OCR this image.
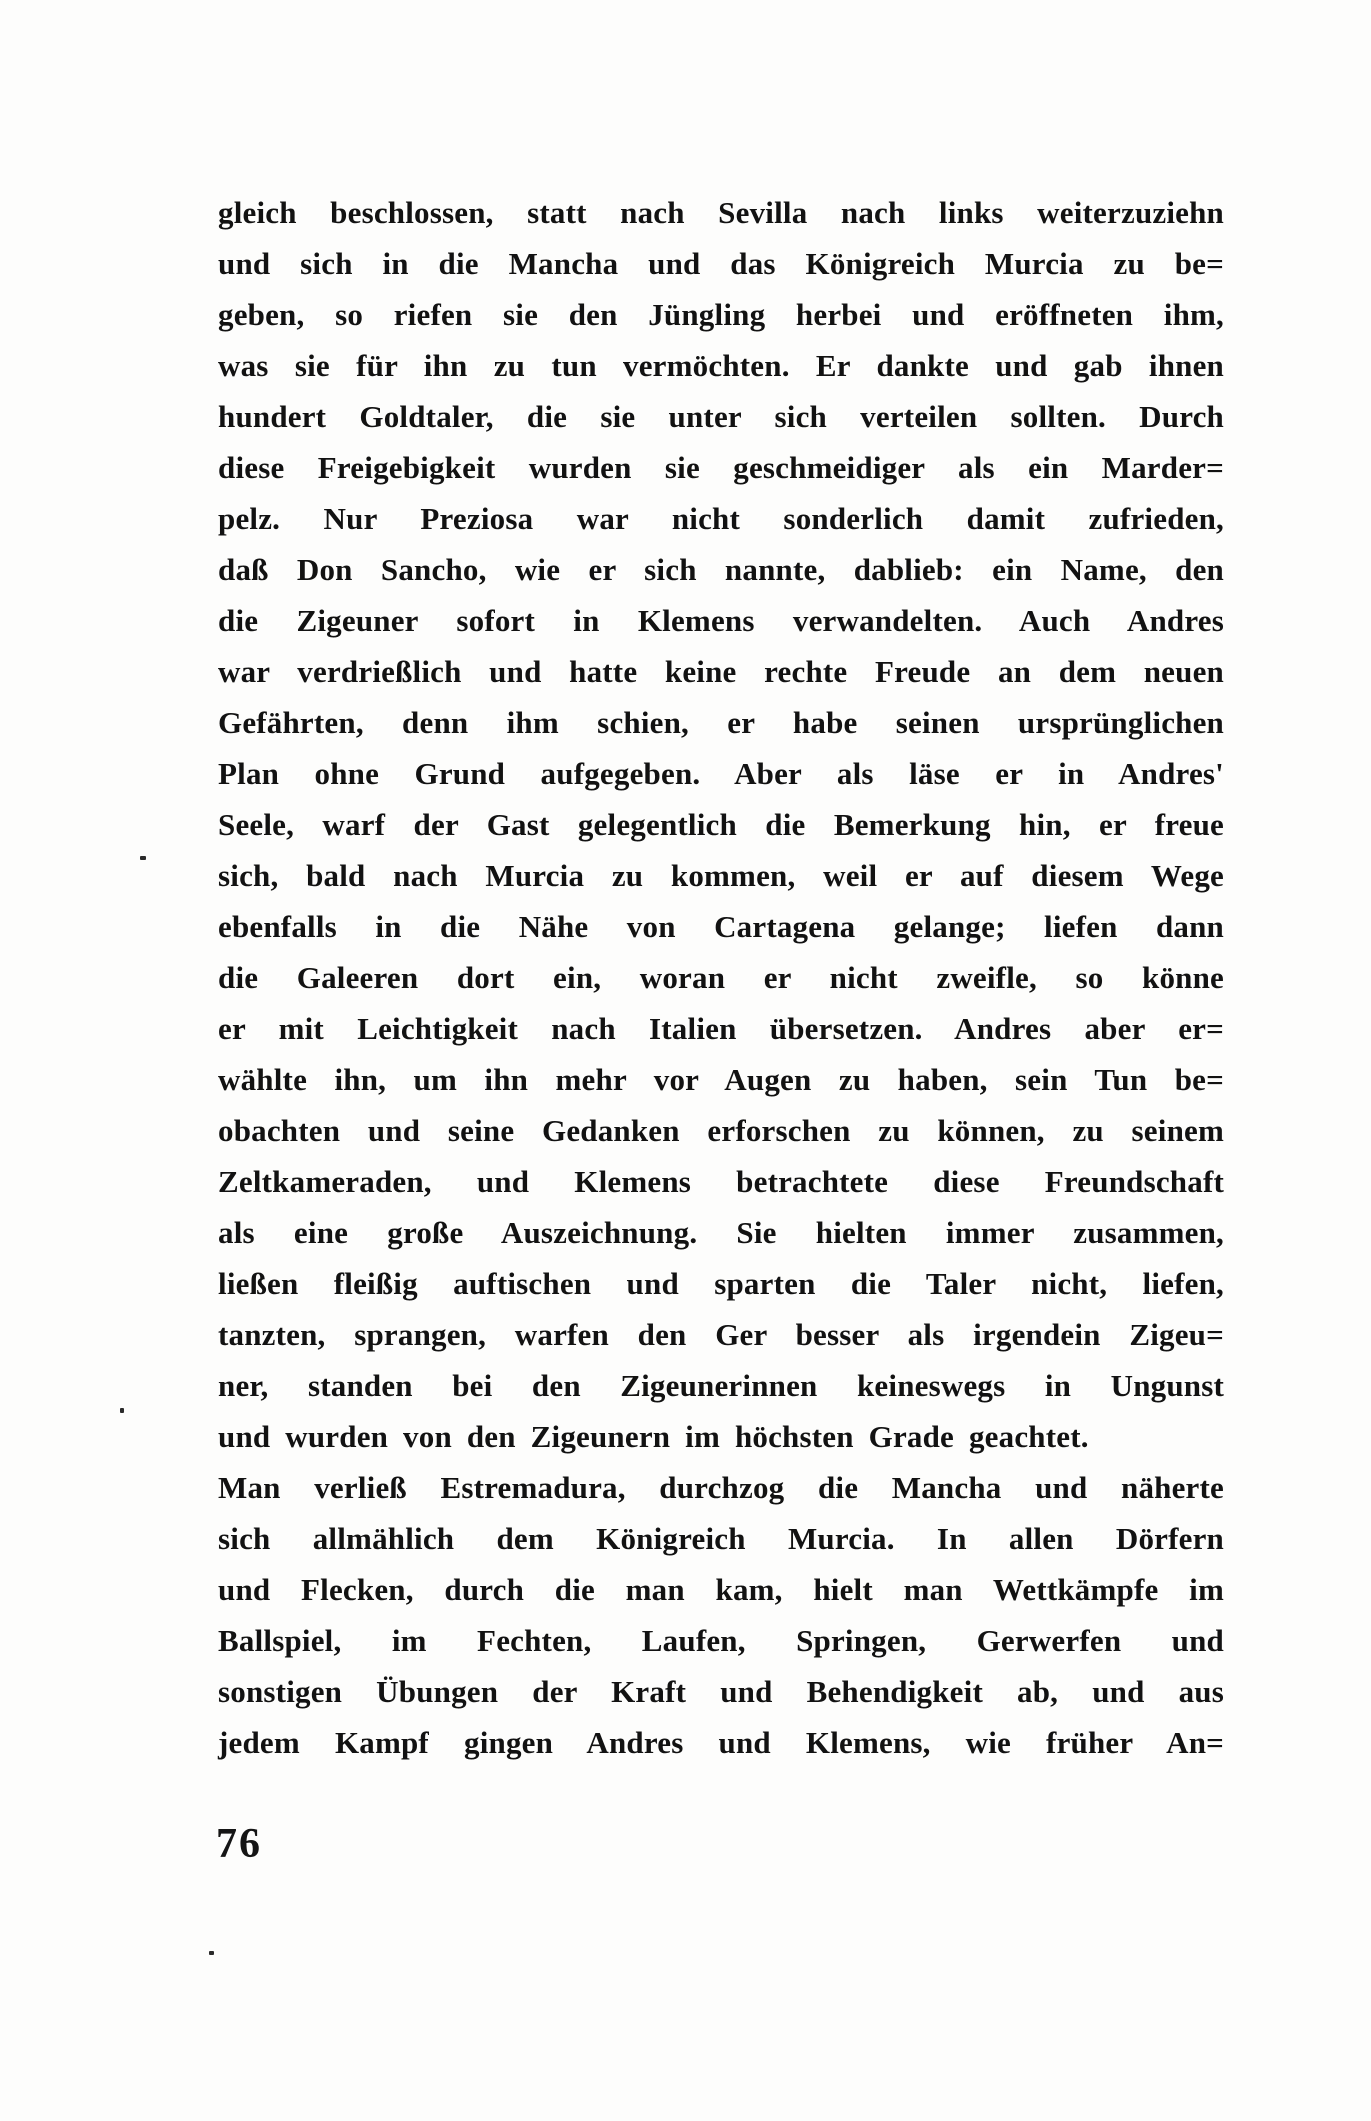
gleich beschlossen, statt nach Sevilla nach links weiterzuziehn
und sich in die Mancha und das Königreich Murcia zu be=
geben, so riefen sie den Jüngling herbei und eröffneten ihm,
was sie für ihn zu tun vermöchten. Er dankte und gab ihnen
hundert Goldtaler, die sie unter sich verteilen sollten. Durch
diese Freigebigkeit wurden sie geschmeidiger als ein Marder=
pelz. Nur Preziosa war nicht sonderlich damit zufrieden,
daß Don Sancho, wie er sich nannte, dablieb: ein Name, den
die Zigeuner sofort in Klemens verwandelten. Auch Andres
war verdrießlich und hatte keine rechte Freude an dem neuen
Gefährten, denn ihm schien, er habe seinen ursprünglichen
Plan ohne Grund aufgegeben. Aber als läse er in Andres'
Seele, warf der Gast gelegentlich die Bemerkung hin, er freue
sich, bald nach Murcia zu kommen, weil er auf diesem Wege
ebenfalls in die Nähe von Cartagena gelange; liefen dann
die Galeeren dort ein, woran er nicht zweifle, so könne
er mit Leichtigkeit nach Italien übersetzen. Andres aber er=
wählte ihn, um ihn mehr vor Augen zu haben, sein Tun be=
obachten und seine Gedanken erforschen zu können, zu seinem
Zeltkameraden, und Klemens betrachtete diese Freundschaft
als eine große Auszeichnung. Sie hielten immer zusammen,
ließen fleißig auftischen und sparten die Taler nicht, liefen,
tanzten, sprangen, warfen den Ger besser als irgendein Zigeu=
ner, standen bei den Zigeunerinnen keineswegs in Ungunst
und wurden von den Zigeunern im höchsten Grade geachtet.
Man verließ Estremadura, durchzog die Mancha und näherte
sich allmählich dem Königreich Murcia. In allen Dörfern
und Flecken, durch die man kam, hielt man Wettkämpfe im
Ballspiel, im Fechten, Laufen, Springen, Gerwerfen und
sonstigen Übungen der Kraft und Behendigkeit ab, und aus
jedem Kampf gingen Andres und Klemens, wie früher An=
76
